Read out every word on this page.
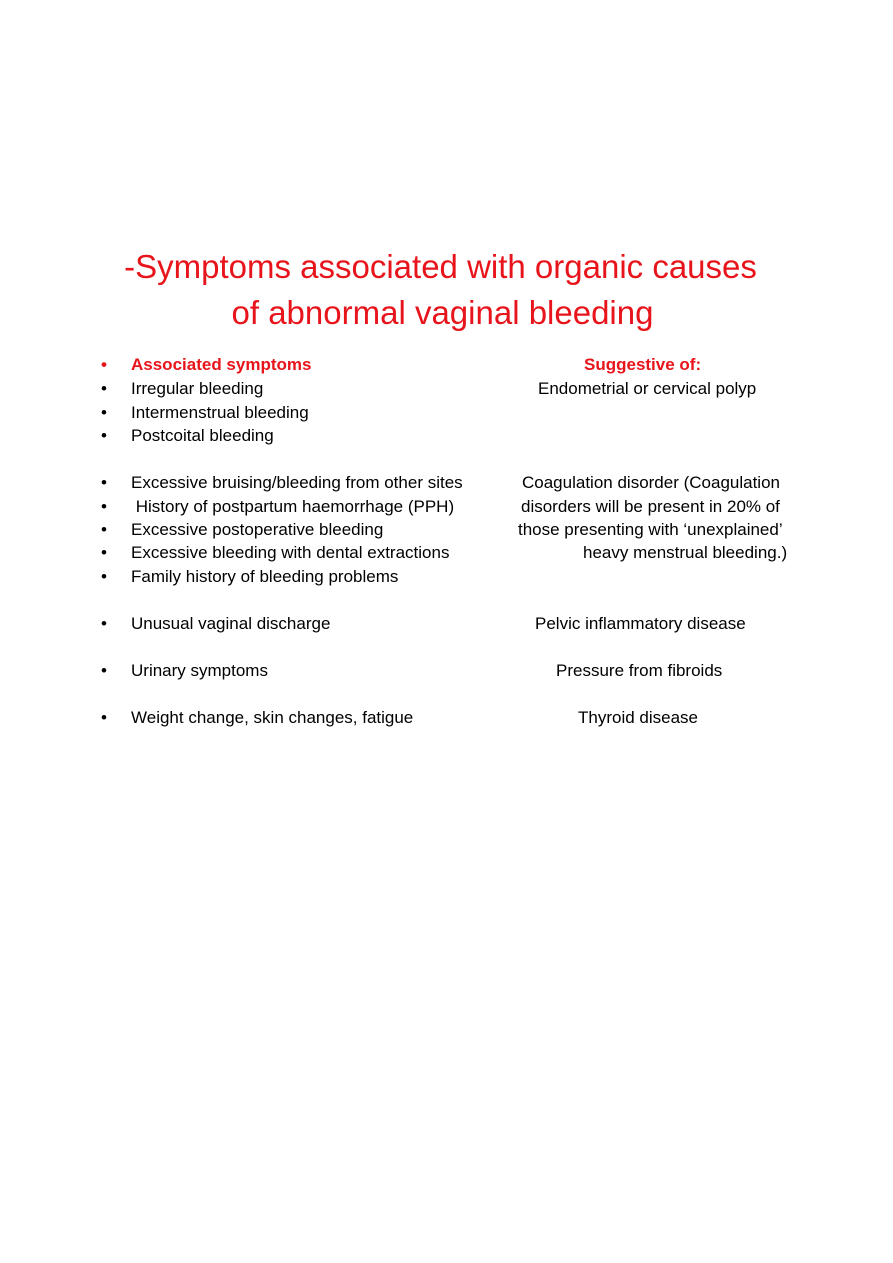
-Symptoms associated with organic causes
of abnormal vaginal bleeding
•	Associated symptoms	Suggestive of:
•	Irregular bleeding	Endometrial or cervical polyp
•	Intermenstrual bleeding
•	Postcoital bleeding
•	Excessive bruising/bleeding from other sites	Coagulation disorder (Coagulation
•	History of postpartum haemorrhage (PPH)	disorders will be present in 20% of
•	Excessive postoperative bleeding	those presenting with ‘unexplained’
•	Excessive bleeding with dental extractions	heavy menstrual bleeding.)
•	Family history of bleeding problems
•	Unusual vaginal discharge	Pelvic inflammatory disease
•	Urinary symptoms	Pressure from fibroids
•	Weight change, skin changes, fatigue	Thyroid disease
